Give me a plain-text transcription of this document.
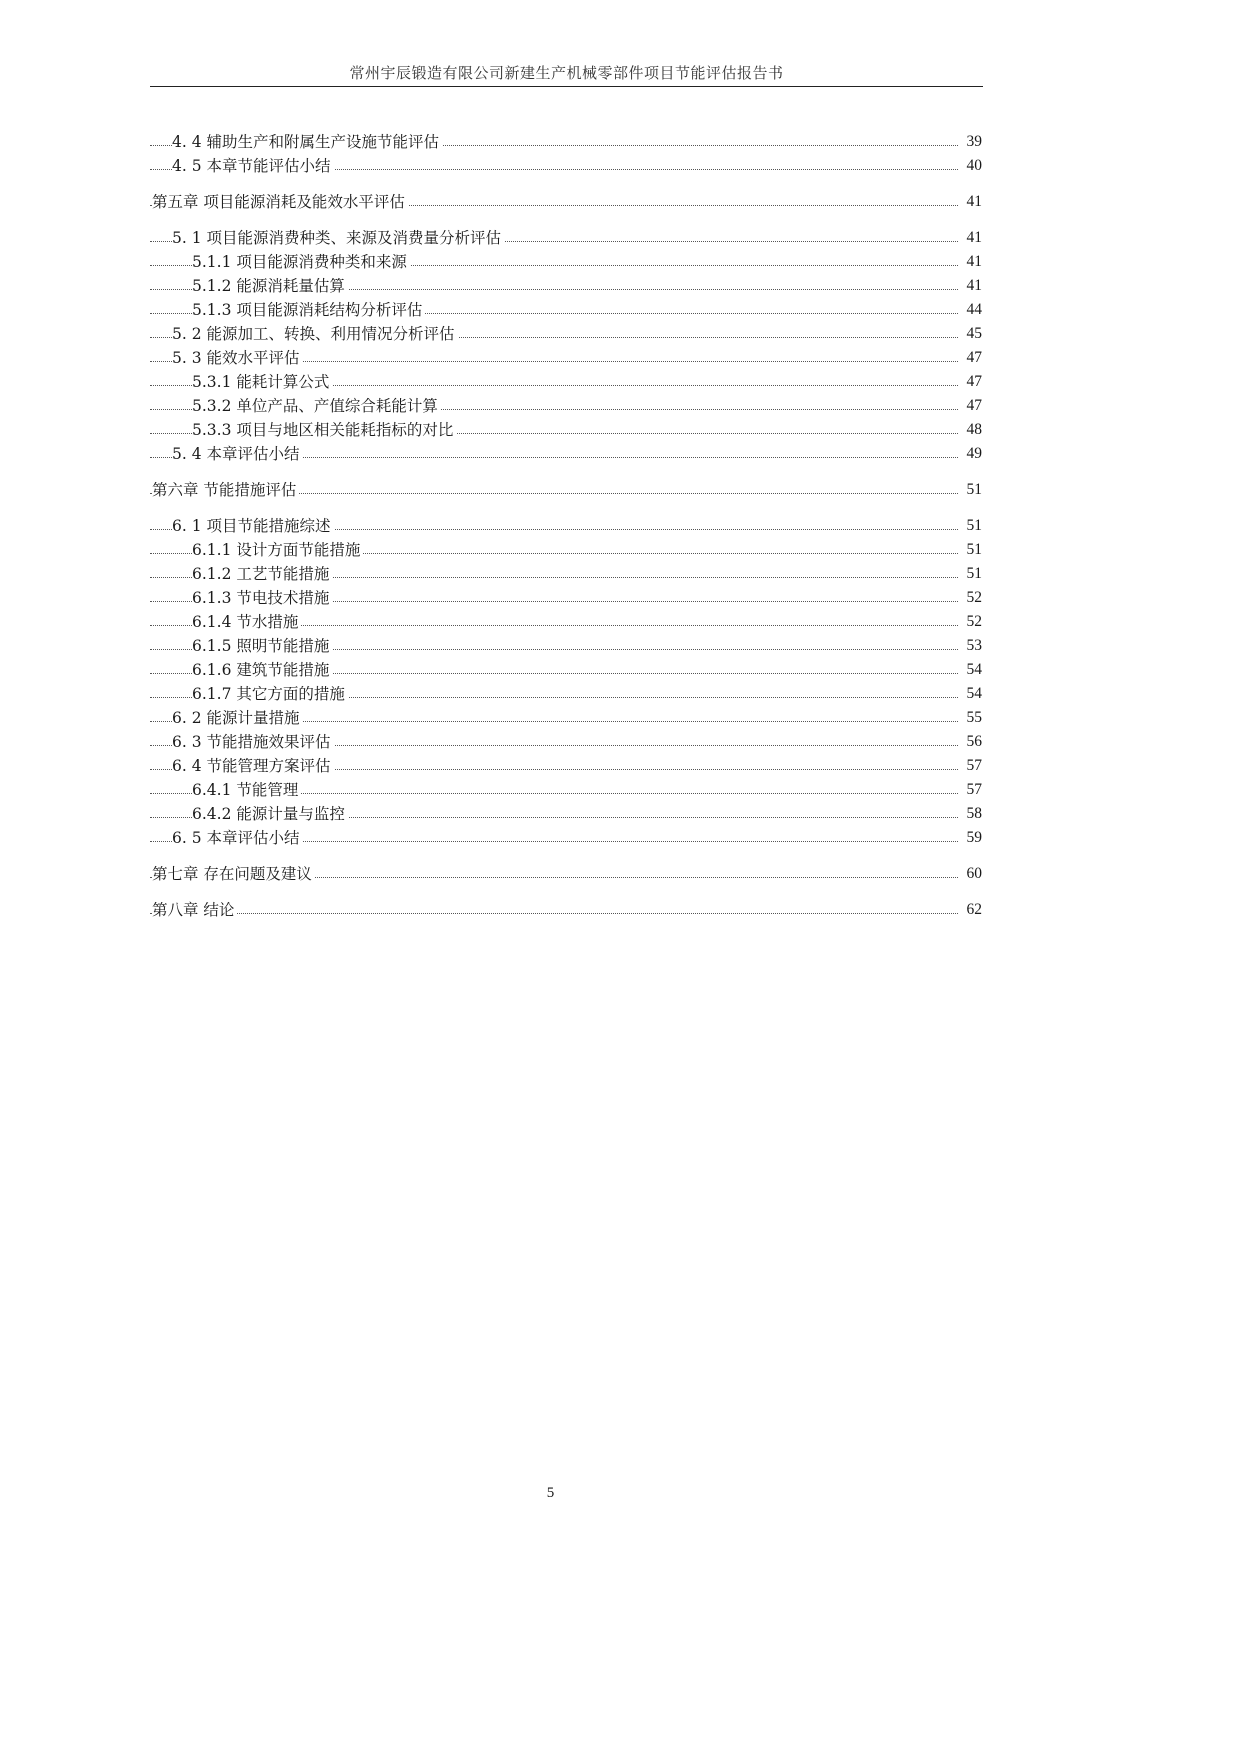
常州宇辰锻造有限公司新建生产机械零部件项目节能评估报告书
4. 4 辅助生产和附属生产设施节能评估	39
4. 5 本章节能评估小结	40
第五章 项目能源消耗及能效水平评估	41
5. 1 项目能源消费种类、来源及消费量分析评估	41
5.1.1 项目能源消费种类和来源	41
5.1.2 能源消耗量估算	41
5.1.3 项目能源消耗结构分析评估	44
5. 2 能源加工、转换、利用情况分析评估	45
5. 3 能效水平评估	47
5.3.1 能耗计算公式	47
5.3.2 单位产品、产值综合耗能计算	47
5.3.3 项目与地区相关能耗指标的对比	48
5. 4 本章评估小结	49
第六章 节能措施评估	51
6. 1 项目节能措施综述	51
6.1.1 设计方面节能措施	51
6.1.2 工艺节能措施	51
6.1.3 节电技术措施	52
6.1.4 节水措施	52
6.1.5 照明节能措施	53
6.1.6 建筑节能措施	54
6.1.7 其它方面的措施	54
6. 2 能源计量措施	55
6. 3 节能措施效果评估	56
6. 4 节能管理方案评估	57
6.4.1 节能管理	57
6.4.2 能源计量与监控	58
6. 5 本章评估小结	59
第七章 存在问题及建议	60
第八章 结论	62
5
